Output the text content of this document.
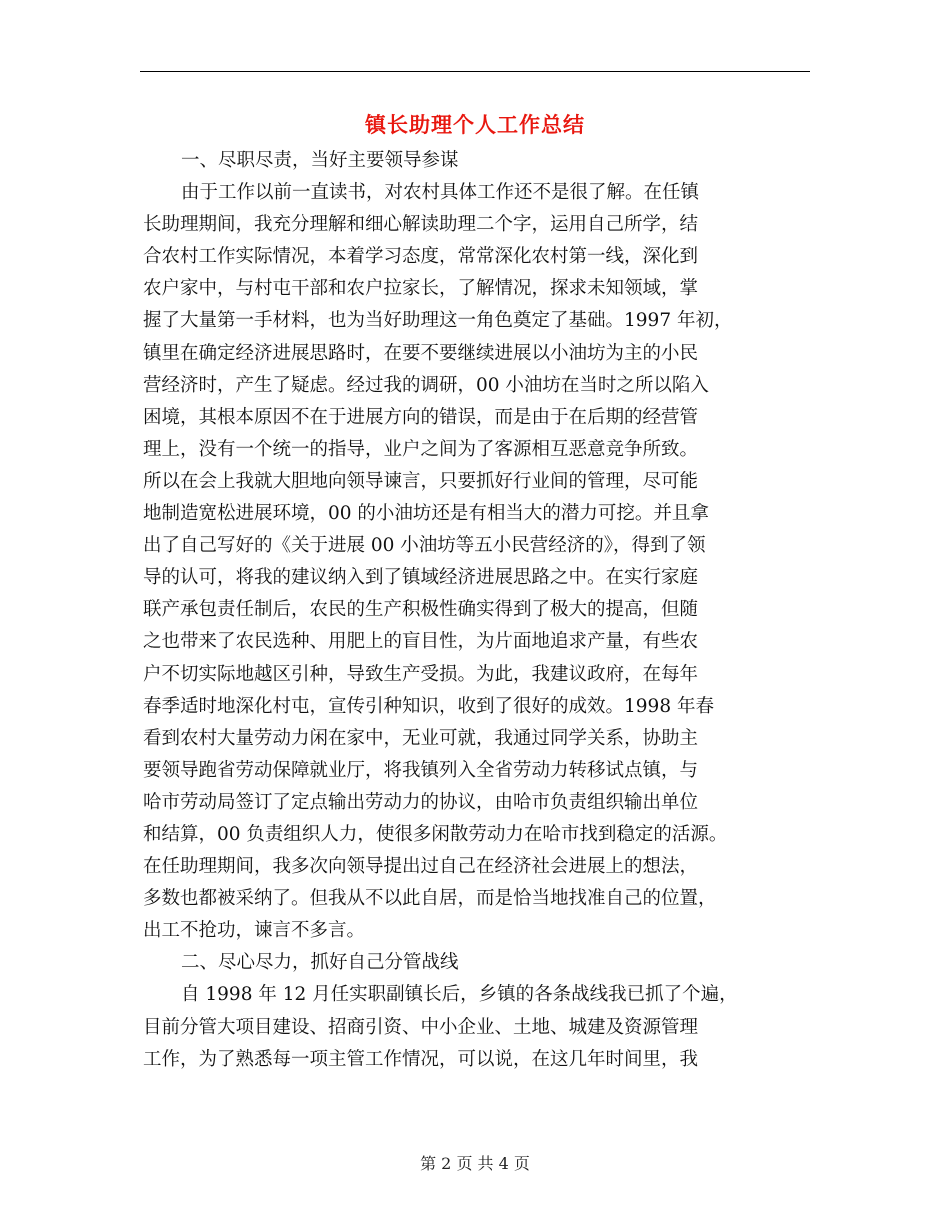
镇长助理个人工作总结
一、尽职尽责，当好主要领导参谋
由于工作以前一直读书，对农村具体工作还不是很了解。在任镇
长助理期间，我充分理解和细心解读助理二个字，运用自己所学，结
合农村工作实际情况，本着学习态度，常常深化农村第一线，深化到
农户家中，与村屯干部和农户拉家长，了解情况，探求未知领域，掌
握了大量第一手材料，也为当好助理这一角色奠定了基础。1997 年初，
镇里在确定经济进展思路时，在要不要继续进展以小油坊为主的小民
营经济时，产生了疑虑。经过我的调研，00 小油坊在当时之所以陷入
困境，其根本原因不在于进展方向的错误，而是由于在后期的经营管
理上，没有一个统一的指导，业户之间为了客源相互恶意竞争所致。
所以在会上我就大胆地向领导谏言，只要抓好行业间的管理，尽可能
地制造宽松进展环境，00 的小油坊还是有相当大的潜力可挖。并且拿
出了自己写好的《关于进展 00 小油坊等五小民营经济的》，得到了领
导的认可，将我的建议纳入到了镇域经济进展思路之中。在实行家庭
联产承包责任制后，农民的生产积极性确实得到了极大的提高，但随
之也带来了农民选种、用肥上的盲目性，为片面地追求产量，有些农
户不切实际地越区引种，导致生产受损。为此，我建议政府，在每年
春季适时地深化村屯，宣传引种知识，收到了很好的成效。1998 年春
看到农村大量劳动力闲在家中，无业可就，我通过同学关系，协助主
要领导跑省劳动保障就业厅，将我镇列入全省劳动力转移试点镇，与
哈市劳动局签订了定点输出劳动力的协议，由哈市负责组织输出单位
和结算，00 负责组织人力，使很多闲散劳动力在哈市找到稳定的活源。
在任助理期间，我多次向领导提出过自己在经济社会进展上的想法，
多数也都被采纳了。但我从不以此自居，而是恰当地找准自己的位置，
出工不抢功，谏言不多言。
二、尽心尽力，抓好自己分管战线
自 1998 年 12 月任实职副镇长后，乡镇的各条战线我已抓了个遍，
目前分管大项目建设、招商引资、中小企业、土地、城建及资源管理
工作，为了熟悉每一项主管工作情况，可以说，在这几年时间里，我
第 2 页 共 4 页
